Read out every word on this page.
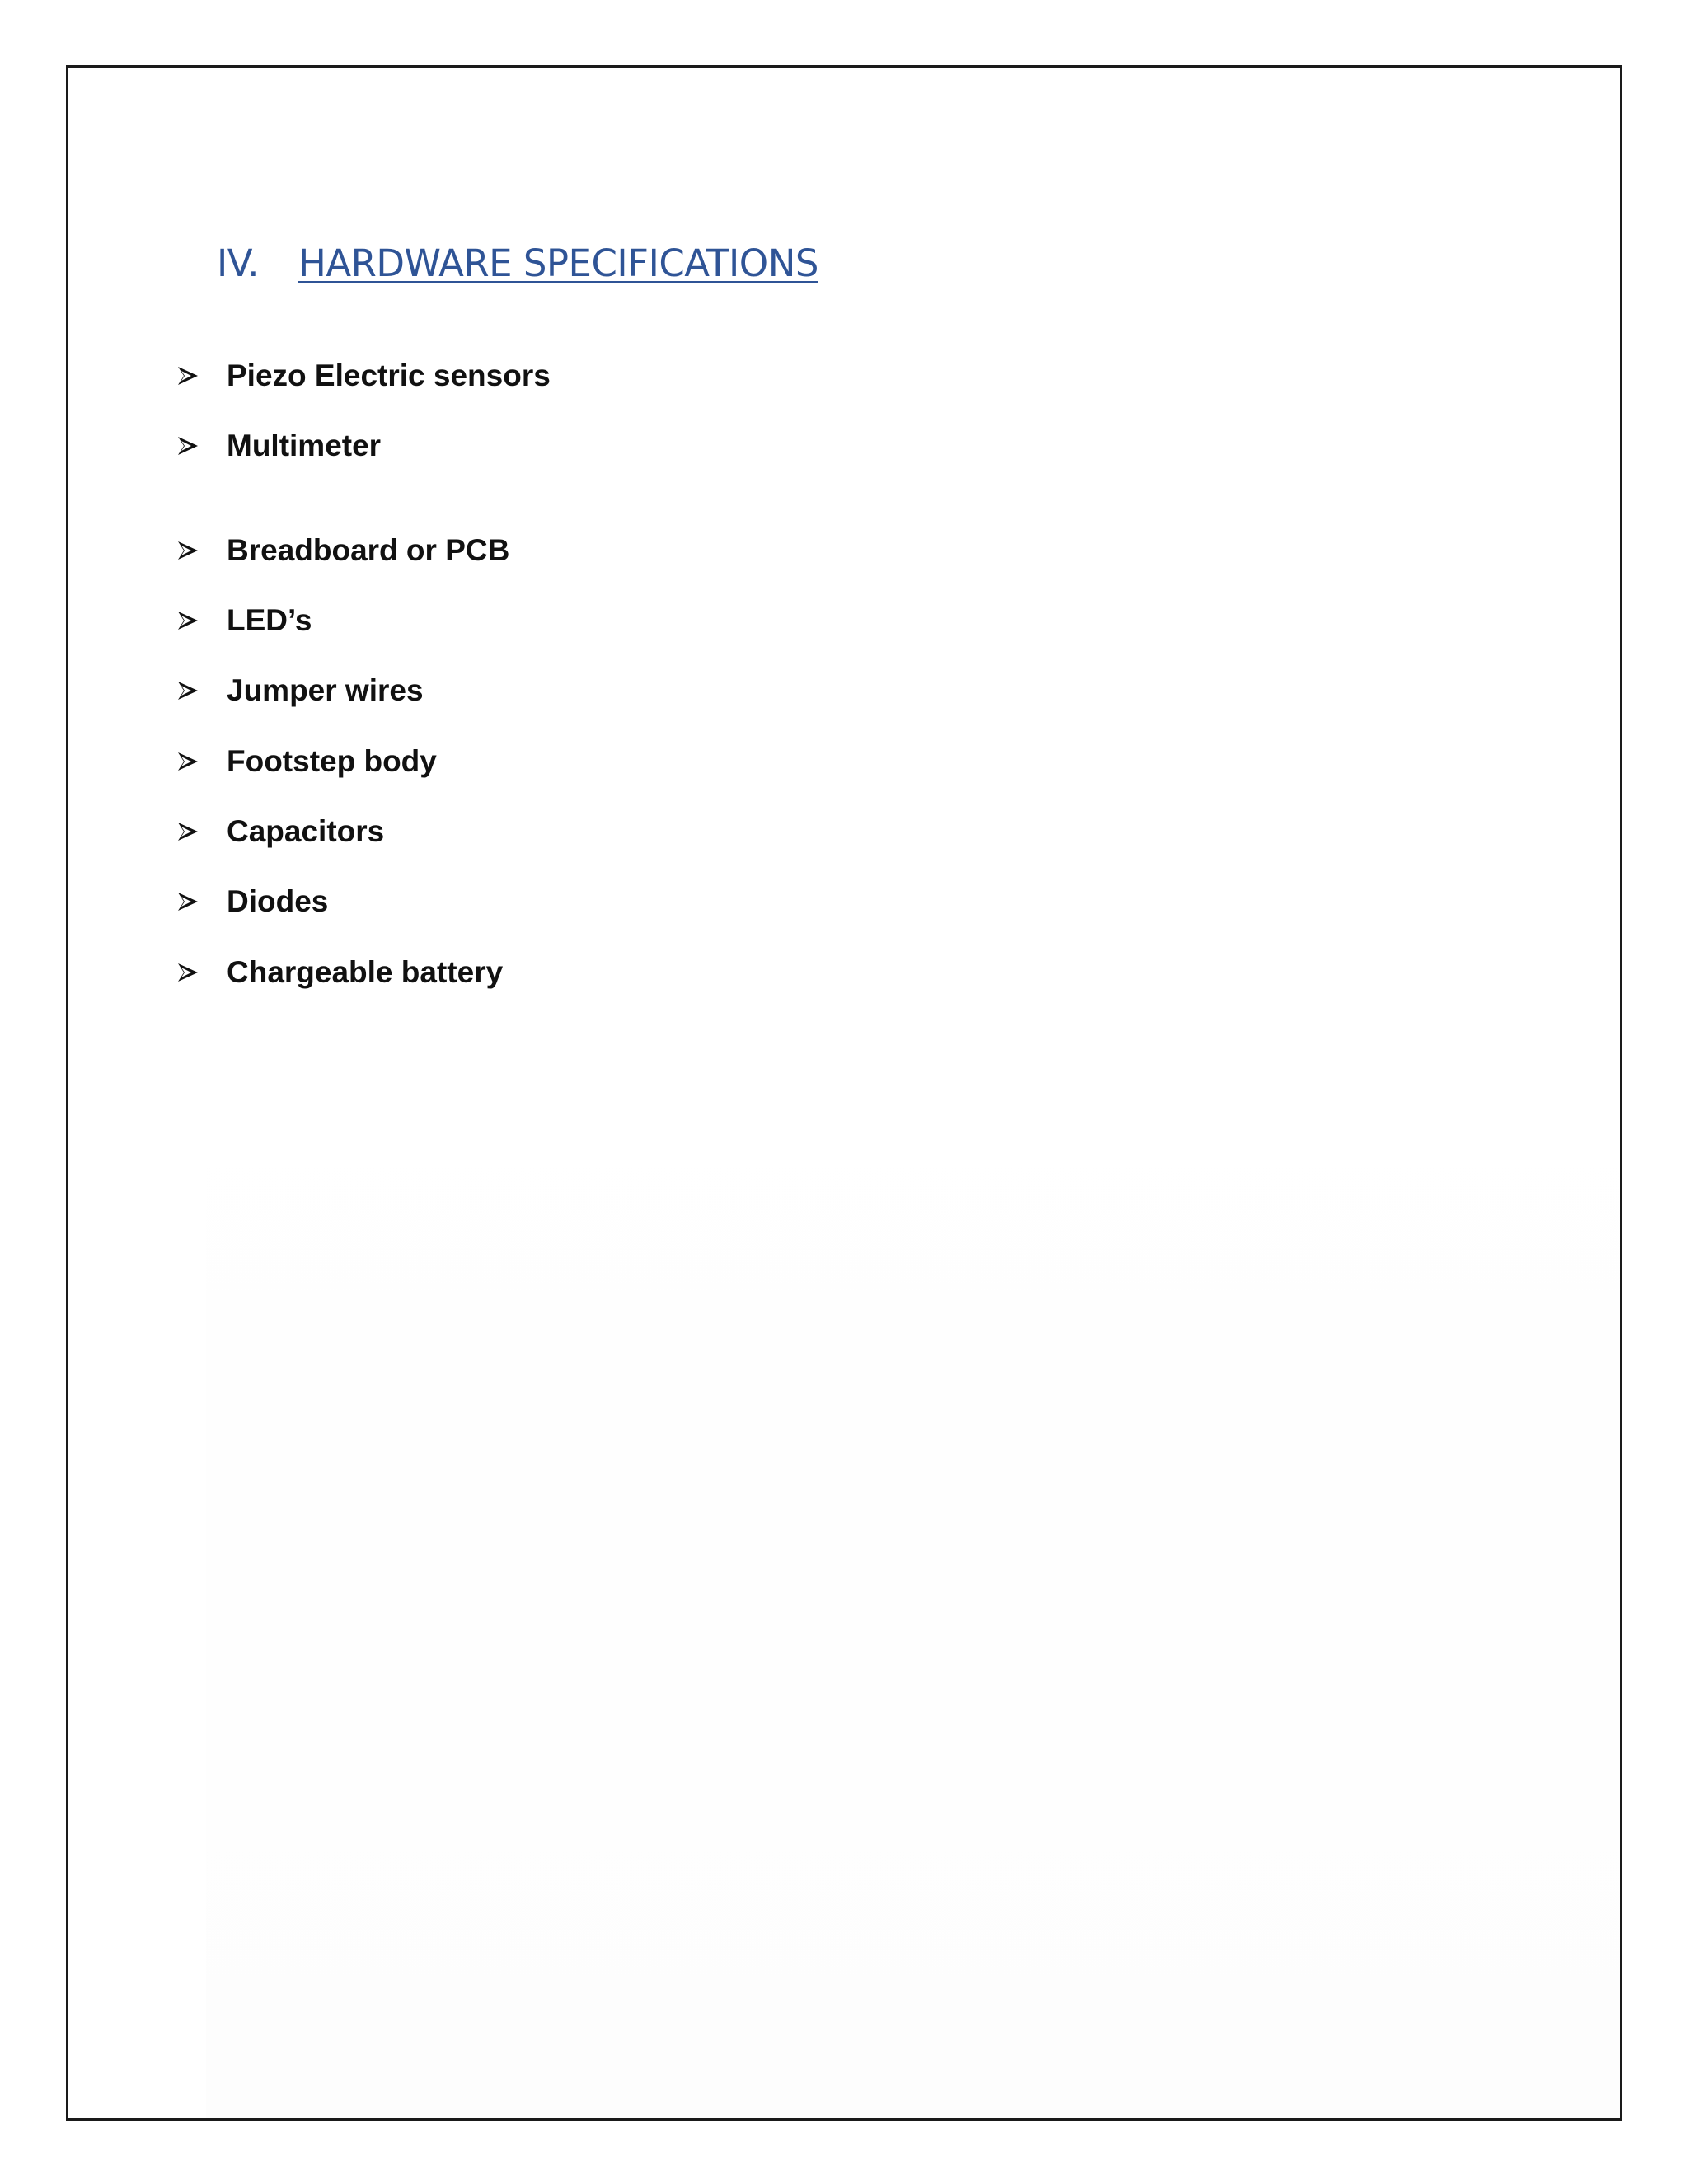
IV.	HARDWARE SPECIFICATIONS
Piezo Electric sensors
Multimeter
Breadboard or PCB
LED’s
Jumper wires
Footstep body
Capacitors
Diodes
Chargeable battery
